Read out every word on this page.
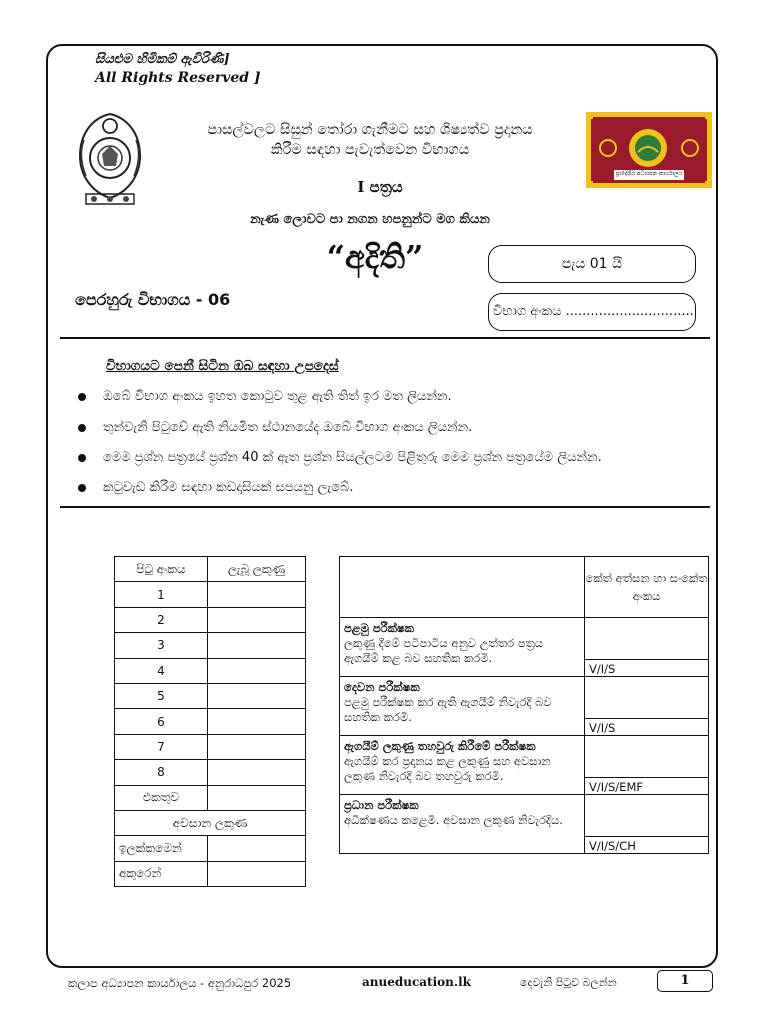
සියළුම හිමිකම් ඇවිරිණි]
All Rights Reserved ]
පාසල්වලට සිසුන් තෝරා ගැනීමට සහ ශිෂ්‍යත්ව ප්‍රදානය
කිරීම සඳහා පැවැත්වෙන විභාගය
ප්‍රාදේශීය අධ්‍යාපන කාර්යාලය
I පත්‍රය
නැණ ලොවට පා නගන හපනුන්ට මග කියන
“අදිති”	පැය 01 යි
පෙරහුරු විභාගය - 06
විභාග අංකය ...............................
විභාගයට පෙනී සිටින ඔබ සඳහා උපදෙස්
ඔබේ විභාග අංකය ඉහත කොටුව තුළ ඇති තිත් ඉර මත ලියන්න.
තුන්වැනි පිටුවේ ඇති නියමිත ස්ථානයේද ඔබේ විභාග අංකය ලියන්න.
මෙම ප්‍රශ්න පත්‍රයේ ප්‍රශ්න 40 ක් ඇත ප්‍රශ්න සියල්ලටම පිළිතුරු මෙම ප්‍රශ්න පත්‍රයේම ලියන්න.
කටුවැඩ කිරීම සඳහා කඩදාසියක් සපයනු ලැබේ.
පිටු අංකය	ලැබූ ලකුණු
1	
2	
3	
4	
5	
6	
7	
8	
එකතුව	
අවසාන ලකුණ	
ඉලක්කමෙන්	
අකුරෙන්	
	කේත් අත්සන හා සංකේත අංකය

පළමු පරීක්ෂක
ලකුණු දීමේ පටිපාටිය අනුව උත්තර පත්‍රය ඇගයීම් කළ බව සහතික කරමි.	
	V/I/S

දෙවන පරීක්ෂක
පළමු පරීක්ෂක කර ඇති ඇගයීම් නිවැරදි බව සහතික කරමි.	
	V/I/S

ඇගයීම් ලකුණු තහවුරු කිරීමේ පරීක්ෂක
ඇගයීම් කර ප්‍රදානය කළ ලකුණු සහ අවසාන ලකුණ නිවැරදි බව තහවුරු කරමි.	
	V/I/S/EMF

ප්‍රධාන පරීක්ෂක
අධීක්ෂණය කළෙමි. අවසාන ලකුණ නිවැරදිය.	
	V/I/S/CH
කලාප අධ්‍යාපන කාර්යාලය - අනුරාධපුර 2025	anueducation.lk	දෙවැනි පිටුව බලන්න	1
